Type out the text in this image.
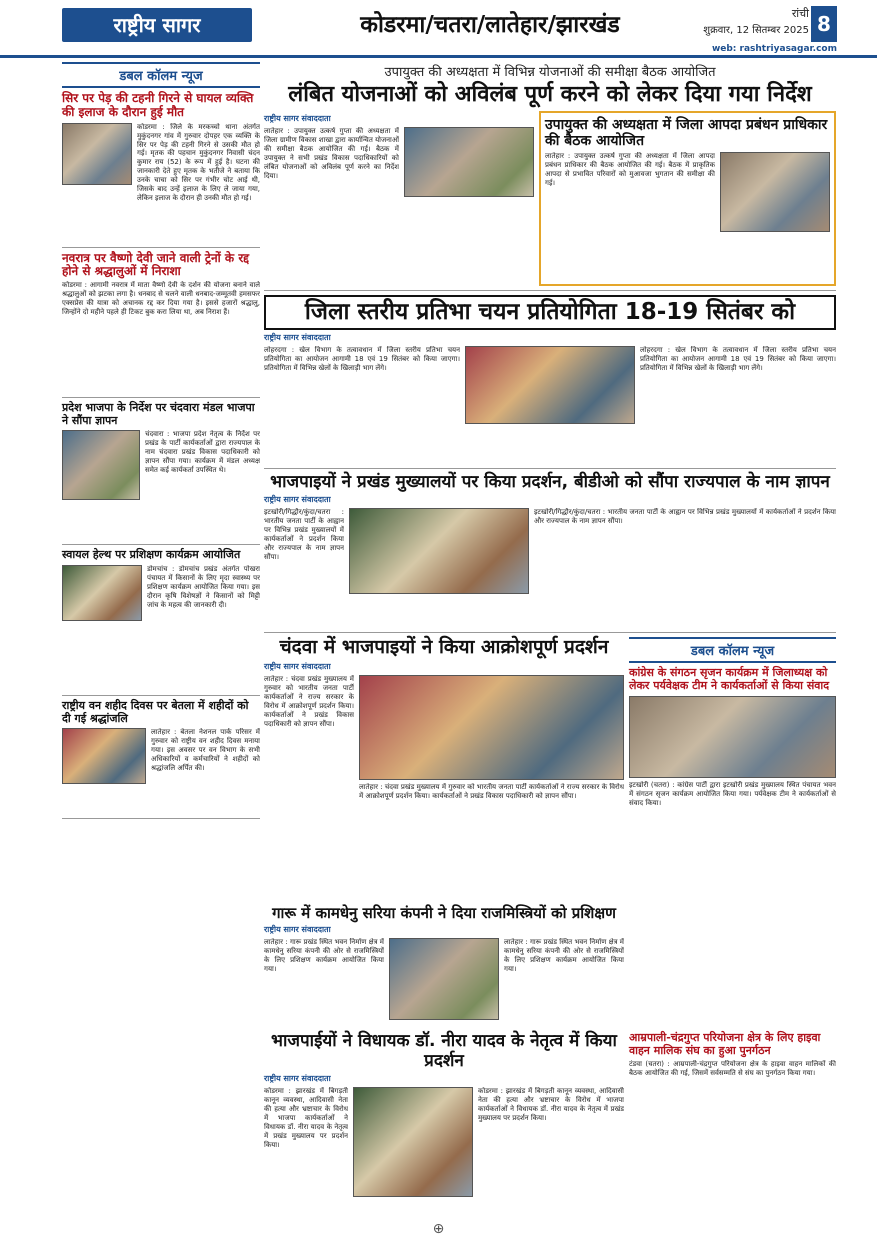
राष्ट्रीय सागर	कोडरमा/चतरा/लातेहार/झारखंड	रांची
शुक्रवार, 12 सितम्बर 2025 8
web: rashtriyasagar.com
डबल कॉलम न्यूज
सिर पर पेड़ की टहनी गिरने से घायल व्यक्ति की इलाज के दौरान हुई मौत
कोडरमा : जिले के मरकच्चो थाना अंतर्गत मुकुंदनगर गांव में गुरुवार दोपहर एक व्यक्ति के सिर पर पेड़ की टहनी गिरने से उसकी मौत हो गई। मृतक की पहचान मुकुंदनगर निवासी चंदन कुमार राय (52) के रूप में हुई है। घटना की जानकारी देते हुए मृतक के भतीजे ने बताया कि उनके चाचा को सिर पर गंभीर चोट आई थी, जिसके बाद उन्हें इलाज के लिए ले जाया गया, लेकिन इलाज के दौरान ही उनकी मौत हो गई।
नवरात्र पर वैष्णो देवी जाने वाली ट्रेनों के रद्द होने से श्रद्धालुओं में निराशा
कोडरमा : आगामी नवरात्र में माता वैष्णो देवी के दर्शन की योजना बनाने वाले श्रद्धालुओं को झटका लगा है। धनबाद से चलने वाली धनबाद-जम्मूतवी हमसफर एक्सप्रेस की यात्रा को अचानक रद्द कर दिया गया है। इससे हजारों श्रद्धालु, जिन्होंने दो महीने पहले ही टिकट बुक करा लिया था, अब निराश हैं।
प्रदेश भाजपा के निर्देश पर चंदवारा मंडल भाजपा ने सौंपा ज्ञापन
चंदवारा : भाजपा प्रदेश नेतृत्व के निर्देश पर प्रखंड के पार्टी कार्यकर्ताओं द्वारा राज्यपाल के नाम चंदवारा प्रखंड विकास पदाधिकारी को ज्ञापन सौंपा गया। कार्यक्रम में मंडल अध्यक्ष समेत कई कार्यकर्ता उपस्थित थे।
स्वायल हेल्थ पर प्रशिक्षण कार्यक्रम आयोजित
डोमचांच : डोमचांच प्रखंड अंतर्गत पोखरा पंचायत में किसानों के लिए मृदा स्वास्थ्य पर प्रशिक्षण कार्यक्रम आयोजित किया गया। इस दौरान कृषि विशेषज्ञों ने किसानों को मिट्टी जांच के महत्व की जानकारी दी।
राष्ट्रीय वन शहीद दिवस पर बेतला में शहीदों को दी गई श्रद्धांजलि
लातेहार : बेतला नेशनल पार्क परिसर में गुरुवार को राष्ट्रीय वन शहीद दिवस मनाया गया। इस अवसर पर वन विभाग के सभी अधिकारियों व कर्मचारियों ने शहीदों को श्रद्धांजलि अर्पित की।
उपायुक्त की अध्यक्षता में विभिन्न योजनाओं की समीक्षा बैठक आयोजित
लंबित योजनाओं को अविलंब पूर्ण करने को लेकर दिया गया निर्देश
राष्ट्रीय सागर संवाददाता
लातेहार : उपायुक्त उत्कर्ष गुप्ता की अध्यक्षता में जिला ग्रामीण विकास शाखा द्वारा कार्यान्वित योजनाओं की समीक्षा बैठक आयोजित की गई। बैठक में उपायुक्त ने सभी प्रखंड विकास पदाधिकारियों को लंबित योजनाओं को अविलंब पूर्ण करने का निर्देश दिया।
उपायुक्त की अध्यक्षता में जिला आपदा प्रबंधन प्राधिकार की बैठक आयोजित
लातेहार : उपायुक्त उत्कर्ष गुप्ता की अध्यक्षता में जिला आपदा प्रबंधन प्राधिकार की बैठक आयोजित की गई। बैठक में प्राकृतिक आपदा से प्रभावित परिवारों को मुआवजा भुगतान की समीक्षा की गई।
जिला स्तरीय प्रतिभा चयन प्रतियोगिता 18-19 सितंबर को
राष्ट्रीय सागर संवाददाता
लोहरदगा : खेल विभाग के तत्वावधान में जिला स्तरीय प्रतिभा चयन प्रतियोगिता का आयोजन आगामी 18 एवं 19 सितंबर को किया जाएगा। प्रतियोगिता में विभिन्न खेलों के खिलाड़ी भाग लेंगे।
लोहरदगा : खेल विभाग के तत्वावधान में जिला स्तरीय प्रतिभा चयन प्रतियोगिता का आयोजन आगामी 18 एवं 19 सितंबर को किया जाएगा। प्रतियोगिता में विभिन्न खेलों के खिलाड़ी भाग लेंगे।
भाजपाइयों ने प्रखंड मुख्यालयों पर किया प्रदर्शन, बीडीओ को सौंपा राज्यपाल के नाम ज्ञापन
राष्ट्रीय सागर संवाददाता
इटखोरी/गिद्धौर/कुंदा/चतरा : भारतीय जनता पार्टी के आह्वान पर विभिन्न प्रखंड मुख्यालयों में कार्यकर्ताओं ने प्रदर्शन किया और राज्यपाल के नाम ज्ञापन सौंपा।
इटखोरी/गिद्धौर/कुंदा/चतरा : भारतीय जनता पार्टी के आह्वान पर विभिन्न प्रखंड मुख्यालयों में कार्यकर्ताओं ने प्रदर्शन किया और राज्यपाल के नाम ज्ञापन सौंपा।
चंदवा में भाजपाइयों ने किया आक्रोशपूर्ण प्रदर्शन
राष्ट्रीय सागर संवाददाता
लातेहार : चंदवा प्रखंड मुख्यालय में गुरुवार को भारतीय जनता पार्टी कार्यकर्ताओं ने राज्य सरकार के विरोध में आक्रोशपूर्ण प्रदर्शन किया। कार्यकर्ताओं ने प्रखंड विकास पदाधिकारी को ज्ञापन सौंपा।
लातेहार : चंदवा प्रखंड मुख्यालय में गुरुवार को भारतीय जनता पार्टी कार्यकर्ताओं ने राज्य सरकार के विरोध में आक्रोशपूर्ण प्रदर्शन किया। कार्यकर्ताओं ने प्रखंड विकास पदाधिकारी को ज्ञापन सौंपा।
डबल कॉलम न्यूज
कांग्रेस के संगठन सृजन कार्यक्रम में जिलाध्यक्ष को लेकर पर्यवेक्षक टीम ने कार्यकर्ताओं से किया संवाद
इटखोरी (चतरा) : कांग्रेस पार्टी द्वारा इटखोरी प्रखंड मुख्यालय स्थित पंचायत भवन में संगठन सृजन कार्यक्रम आयोजित किया गया। पर्यवेक्षक टीम ने कार्यकर्ताओं से संवाद किया।
गारू में कामधेनु सरिया कंपनी ने दिया राजमिस्त्रियों को प्रशिक्षण
राष्ट्रीय सागर संवाददाता
लातेहार : गारू प्रखंड स्थित भवन निर्माण क्षेत्र में कामधेनु सरिया कंपनी की ओर से राजमिस्त्रियों के लिए प्रशिक्षण कार्यक्रम आयोजित किया गया।
लातेहार : गारू प्रखंड स्थित भवन निर्माण क्षेत्र में कामधेनु सरिया कंपनी की ओर से राजमिस्त्रियों के लिए प्रशिक्षण कार्यक्रम आयोजित किया गया।
भाजपाईयों ने विधायक डॉ. नीरा यादव के नेतृत्व में किया प्रदर्शन
राष्ट्रीय सागर संवाददाता
कोडरमा : झारखंड में बिगड़ती कानून व्यवस्था, आदिवासी नेता की हत्या और भ्रष्टाचार के विरोध में भाजपा कार्यकर्ताओं ने विधायक डॉ. नीरा यादव के नेतृत्व में प्रखंड मुख्यालय पर प्रदर्शन किया।
कोडरमा : झारखंड में बिगड़ती कानून व्यवस्था, आदिवासी नेता की हत्या और भ्रष्टाचार के विरोध में भाजपा कार्यकर्ताओं ने विधायक डॉ. नीरा यादव के नेतृत्व में प्रखंड मुख्यालय पर प्रदर्शन किया।
आम्रपाली-चंद्रगुप्त परियोजना क्षेत्र के लिए हाइवा वाहन मालिक संघ का हुआ पुनर्गठन
टंडवा (चतरा) : आम्रपाली-चंद्रगुप्त परियोजना क्षेत्र के हाइवा वाहन मालिकों की बैठक आयोजित की गई, जिसमें सर्वसम्मति से संघ का पुनर्गठन किया गया।
⊕
